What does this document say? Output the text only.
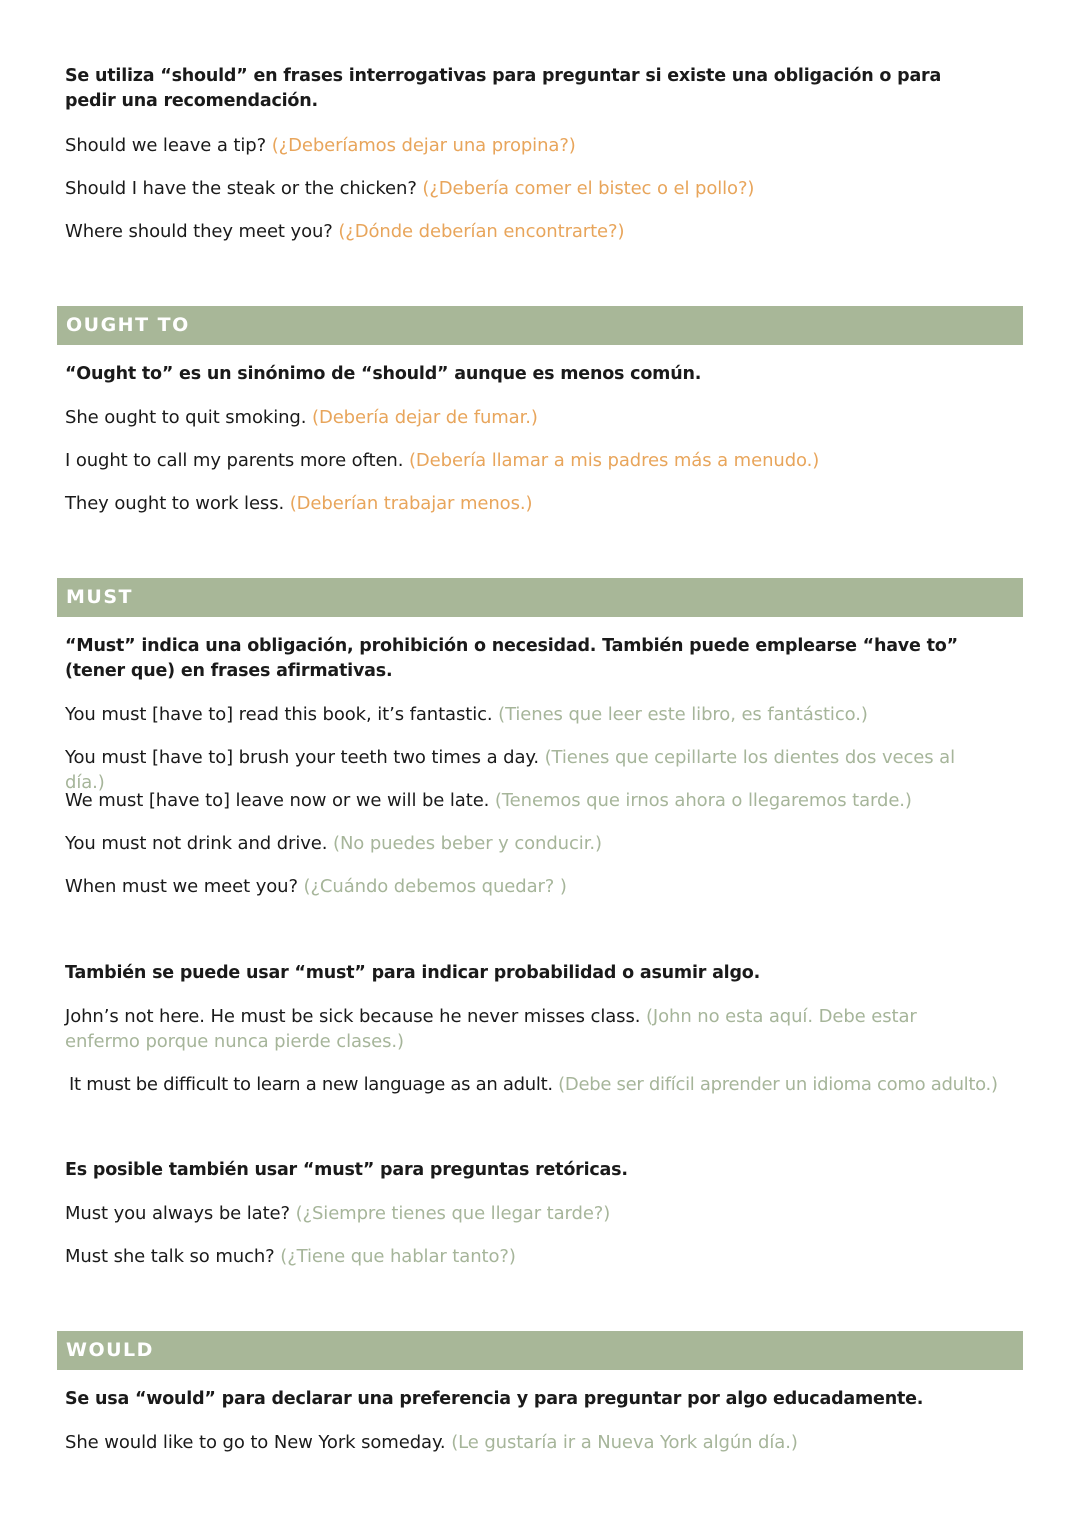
Se utiliza “should” en frases interrogativas para preguntar si existe una obligación o para pedir una recomendación.
Should we leave a tip? (¿Deberíamos dejar una propina?)
Should I have the steak or the chicken? (¿Debería comer el bistec o el pollo?)
Where should they meet you? (¿Dónde deberían encontrarte?)
OUGHT TO
“Ought to” es un sinónimo de “should” aunque es menos común.
She ought to quit smoking. (Debería dejar de fumar.)
I ought to call my parents more often. (Debería llamar a mis padres más a menudo.)
They ought to work less. (Deberían trabajar menos.)
MUST
“Must” indica una obligación, prohibición o necesidad. También puede emplearse “have to” (tener que) en frases afirmativas.
You must [have to] read this book, it’s fantastic. (Tienes que leer este libro, es fantástico.)
You must [have to] brush your teeth two times a day. (Tienes que cepillarte los dientes dos veces al día.)
We must [have to] leave now or we will be late. (Tenemos que irnos ahora o llegaremos tarde.)
You must not drink and drive. (No puedes beber y conducir.)
When must we meet you? (¿Cuándo debemos quedar? )
También se puede usar “must” para indicar probabilidad o asumir algo.
John’s not here. He must be sick because he never misses class. (John no esta aquí. Debe estar enfermo porque nunca pierde clases.)
It must be difficult to learn a new language as an adult. (Debe ser difícil aprender un idioma como adulto.)
Es posible también usar “must” para preguntas retóricas.
Must you always be late? (¿Siempre tienes que llegar tarde?)
Must she talk so much? (¿Tiene que hablar tanto?)
WOULD
Se usa “would” para declarar una preferencia y para preguntar por algo educadamente.
She would like to go to New York someday. (Le gustaría ir a Nueva York algún día.)
